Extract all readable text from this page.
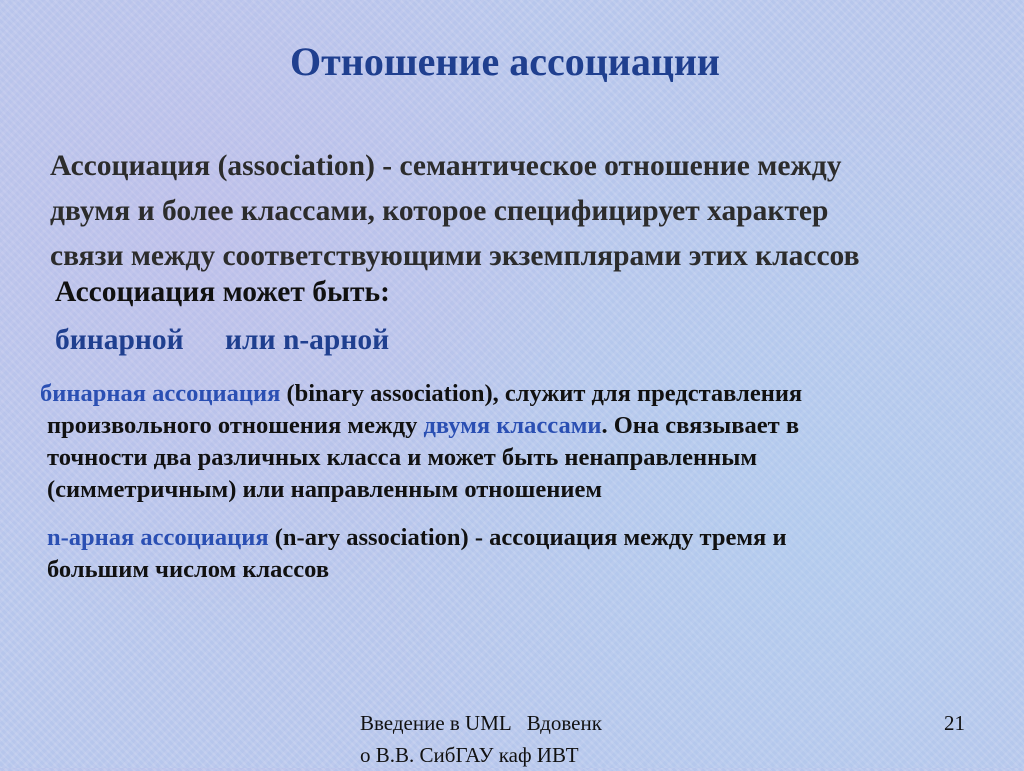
Отношение ассоциации
Ассоциация (association) - семантическое отношение между
двумя и более классами, которое специфицирует характер
связи между соответствующими экземплярами этих классов
Ассоциация может быть:
бинарной или n-арной
бинарная ассоциация (binary association), служит для представления
произвольного отношения между двумя классами. Она связывает в
точности два различных класса и может быть ненаправленным
(симметричным) или направленным отношением
n-арная ассоциация (n-ary association) - ассоциация между тремя и
большим числом классов
Введение в UML   Вдовенк
о В.В. СибГАУ каф ИВТ
21
